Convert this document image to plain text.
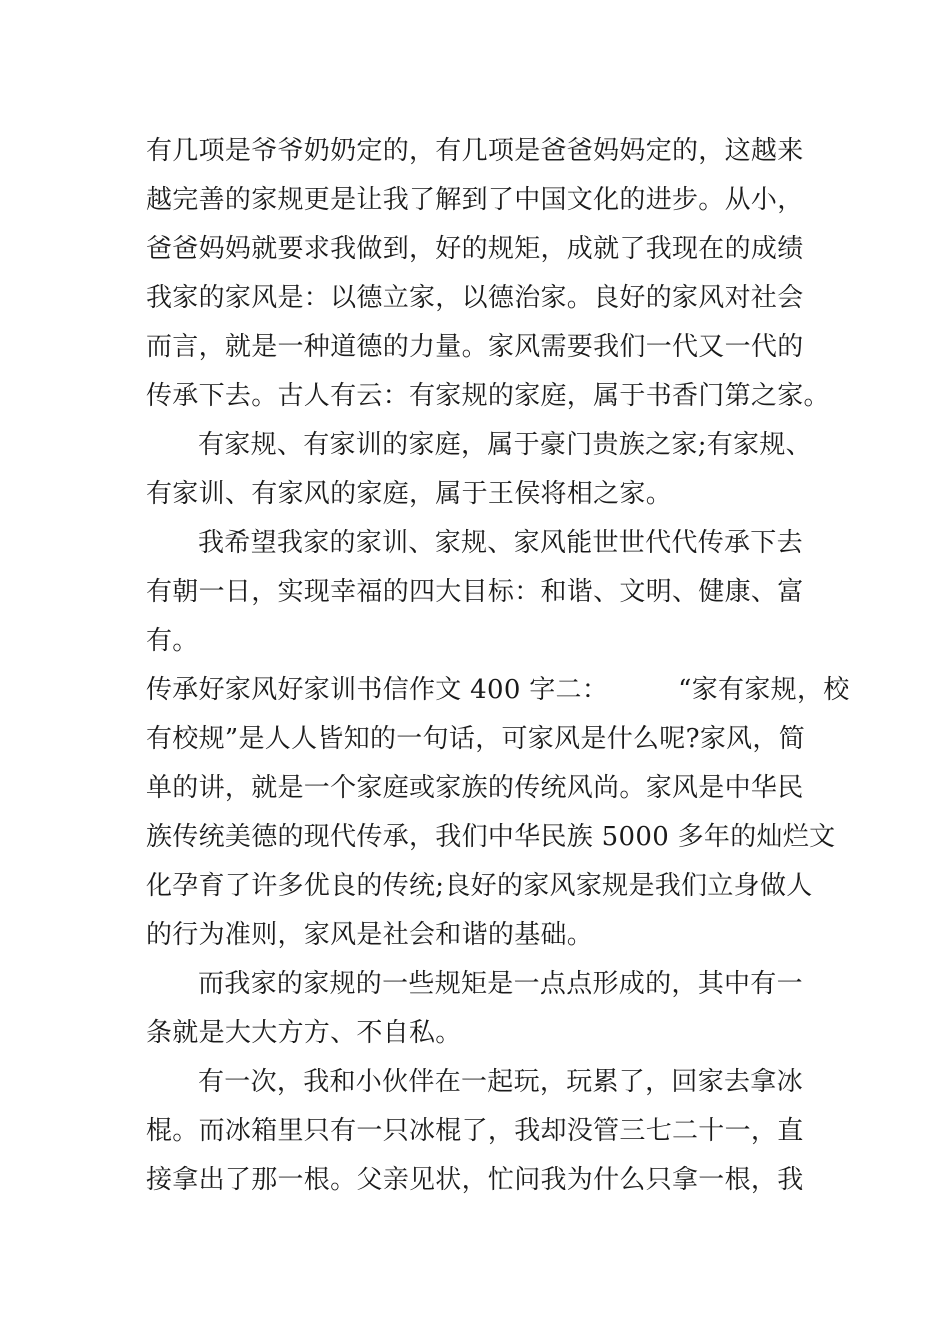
有几项是爷爷奶奶定的，有几项是爸爸妈妈定的，这越来
越完善的家规更是让我了解到了中国文化的进步。从小，
爸爸妈妈就要求我做到，好的规矩，成就了我现在的成绩
我家的家风是：以德立家，以德治家。良好的家风对社会
而言，就是一种道德的力量。家风需要我们一代又一代的
传承下去。古人有云：有家规的家庭，属于书香门第之家。
有家规、有家训的家庭，属于豪门贵族之家;有家规、
有家训、有家风的家庭，属于王侯将相之家。
我希望我家的家训、家规、家风能世世代代传承下去
有朝一日，实现幸福的四大目标：和谐、文明、健康、富
有。
传承好家风好家训书信作文 400 字二：	“家有家规，校
有校规”是人人皆知的一句话，可家风是什么呢?家风，简
单的讲，就是一个家庭或家族的传统风尚。家风是中华民
族传统美德的现代传承，我们中华民族 5000 多年的灿烂文
化孕育了许多优良的传统;良好的家风家规是我们立身做人
的行为准则，家风是社会和谐的基础。
而我家的家规的一些规矩是一点点形成的，其中有一
条就是大大方方、不自私。
有一次，我和小伙伴在一起玩，玩累了，回家去拿冰
棍。而冰箱里只有一只冰棍了，我却没管三七二十一，直
接拿出了那一根。父亲见状，忙问我为什么只拿一根，我
